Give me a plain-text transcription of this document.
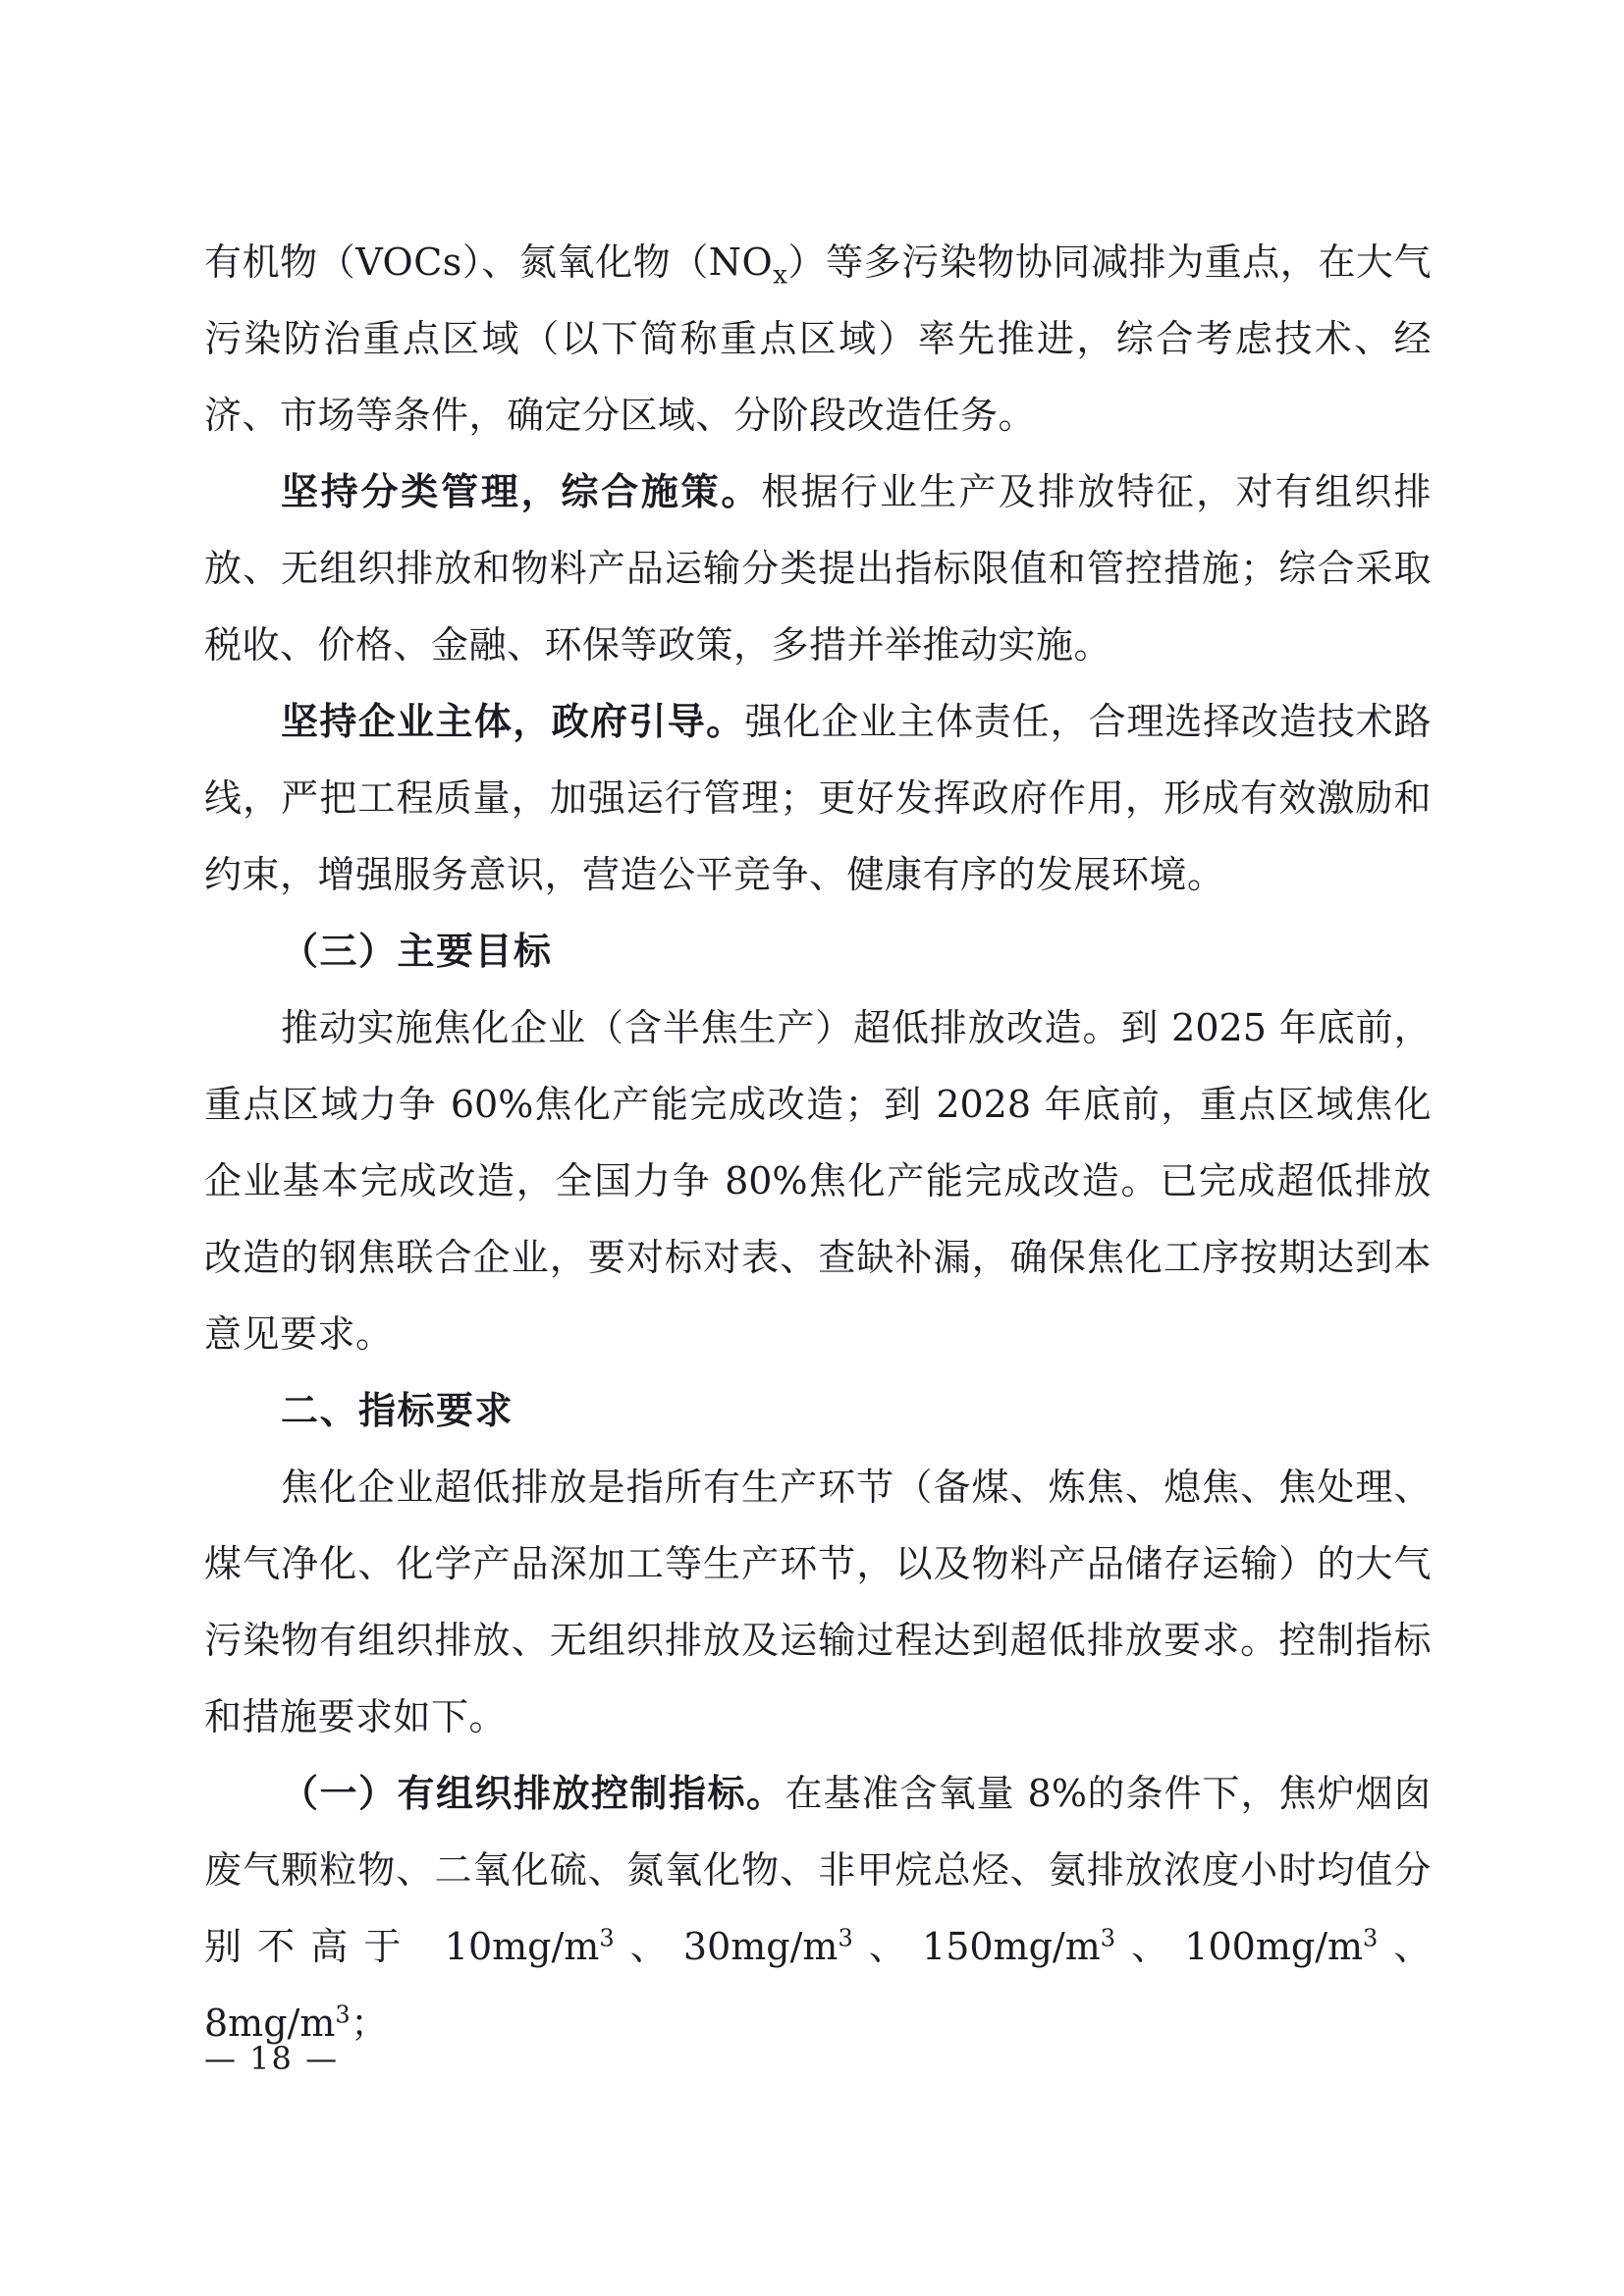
有机物（VOCs）、氮氧化物$(NO_x)$等多污染物协同减排为重点，在大气污染防治重点区域（以下简称重点区域）率先推进，综合考虑技术、经济、市场等条件，确定分区域、分阶段改造任务。

坚持分类管理，综合施策。根据行业生产及排放特征，对有组织排放、无组织排放和物料产品运输分类提出指标限值和管控措施；综合采取税收、价格、金融、环保等政策，多措并举推动实施。

坚持企业主体，政府引导。强化企业主体责任，合理选择改造技术路线，严把工程质量，加强运行管理；更好发挥政府作用，形成有效激励和约束，增强服务意识，营造公平竞争、健康有序的发展环境。

（三）主要目标

推动实施焦化企业（含半焦生产）超低排放改造。到 2025 年底前，重点区域力争 60%焦化产能完成改造；到 2028 年底前，重点区域焦化企业基本完成改造，全国力争 80%焦化产能完成改造。已完成超低排放改造的钢焦联合企业，要对标对表、查缺补漏，确保焦化工序按期达到本意见要求。

二、指标要求

焦化企业超低排放是指所有生产环节（备煤、炼焦、熄焦、焦处理、煤气净化、化学产品深加工等生产环节，以及物料产品储存运输）的大气污染物有组织排放、无组织排放及运输过程达到超低排放要求。控制指标和措施要求如下。

（一）有组织排放控制指标。在基准含氧量 8%的条件下，焦炉烟囱废气颗粒物、二氧化硫、氮氧化物、非甲烷总烃、氨排放浓度小时均值分别不高于 $10mg/m^3$、$30mg/m^3$、$150mg/m^3$、$100mg/m^3$、$8mg/m^3$；

— 18 —
